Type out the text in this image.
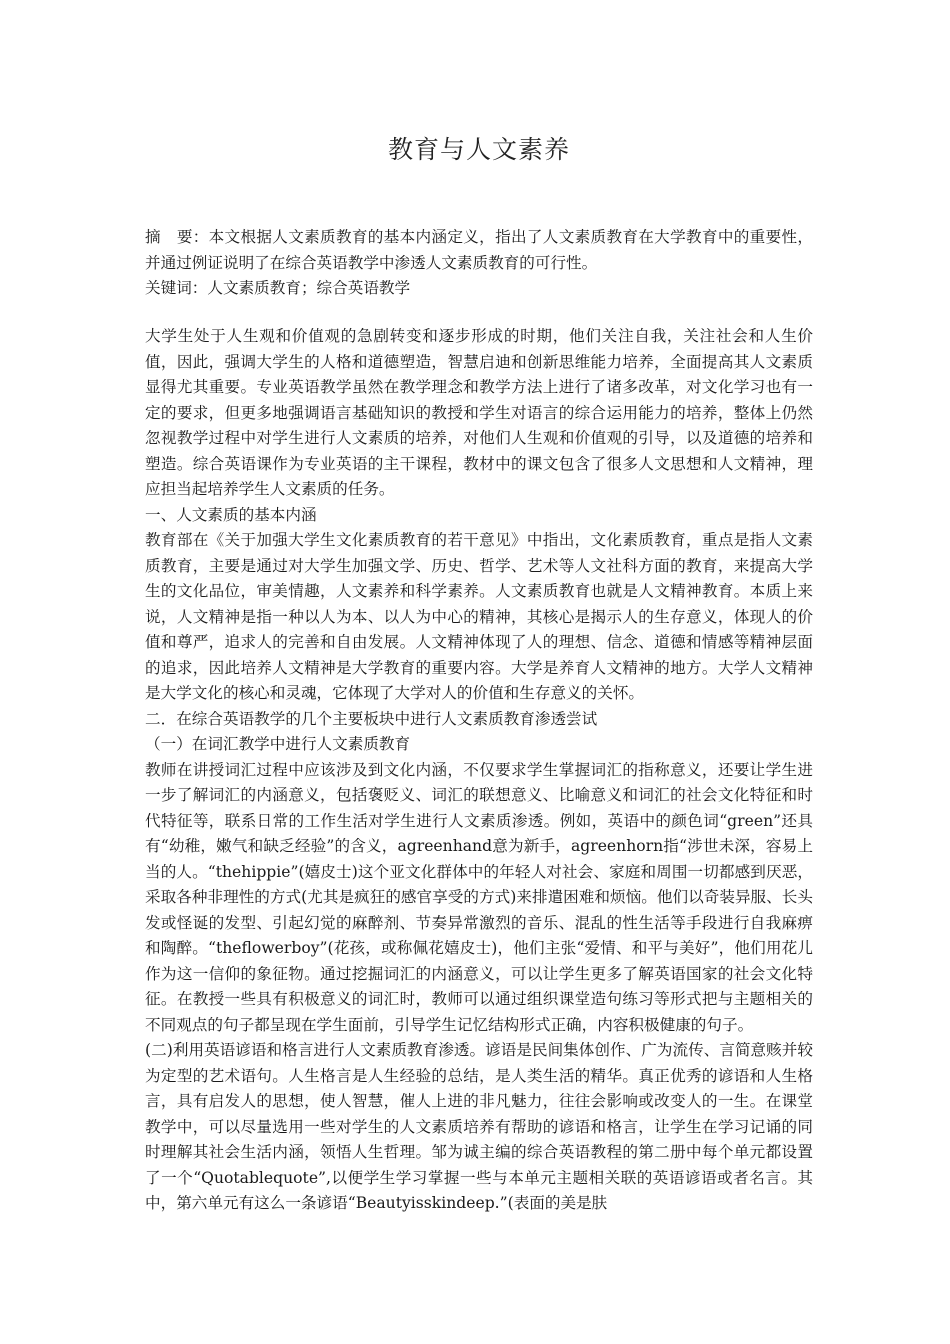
教育与人文素养

摘　要：本文根据人文素质教育的基本内涵定义，指出了人文素质教育在大学教育中的重要性，并通过例证说明了在综合英语教学中渗透人文素质教育的可行性。

关键词：人文素质教育；综合英语教学

大学生处于人生观和价值观的急剧转变和逐步形成的时期，他们关注自我，关注社会和人生价值，因此，强调大学生的人格和道德塑造，智慧启迪和创新思维能力培养，全面提高其人文素质显得尤其重要。专业英语教学虽然在教学理念和教学方法上进行了诸多改革，对文化学习也有一定的要求，但更多地强调语言基础知识的教授和学生对语言的综合运用能力的培养，整体上仍然忽视教学过程中对学生进行人文素质的培养，对他们人生观和价值观的引导，以及道德的培养和塑造。综合英语课作为专业英语的主干课程，教材中的课文包含了很多人文思想和人文精神，理应担当起培养学生人文素质的任务。

一、人文素质的基本内涵

教育部在《关于加强大学生文化素质教育的若干意见》中指出，文化素质教育，重点是指人文素质教育，主要是通过对大学生加强文学、历史、哲学、艺术等人文社科方面的教育，来提高大学生的文化品位，审美情趣，人文素养和科学素养。人文素质教育也就是人文精神教育。本质上来说，人文精神是指一种以人为本、以人为中心的精神，其核心是揭示人的生存意义，体现人的价值和尊严，追求人的完善和自由发展。人文精神体现了人的理想、信念、道德和情感等精神层面的追求，因此培养人文精神是大学教育的重要内容。大学是养育人文精神的地方。大学人文精神是大学文化的核心和灵魂，它体现了大学对人的价值和生存意义的关怀。

二．在综合英语教学的几个主要板块中进行人文素质教育渗透尝试

（一）在词汇教学中进行人文素质教育

教师在讲授词汇过程中应该涉及到文化内涵，不仅要求学生掌握词汇的指称意义，还要让学生进一步了解词汇的内涵意义，包括褒贬义、词汇的联想意义、比喻意义和词汇的社会文化特征和时代特征等，联系日常的工作生活对学生进行人文素质渗透。例如，英语中的颜色词“green”还具有“幼稚，嫩气和缺乏经验”的含义，agreenhand意为新手，agreenhorn指“涉世未深，容易上当的人。“thehippie”(嬉皮士)这个亚文化群体中的年轻人对社会、家庭和周围一切都感到厌恶，采取各种非理性的方式(尤其是疯狂的感官享受的方式)来排遣困难和烦恼。他们以奇装异服、长头发或怪诞的发型、引起幻觉的麻醉剂、节奏异常激烈的音乐、混乱的性生活等手段进行自我麻痹和陶醉。“theflowerboy”(花孩，或称佩花嬉皮士)，他们主张“爱情、和平与美好”，他们用花儿作为这一信仰的象征物。通过挖掘词汇的内涵意义，可以让学生更多了解英语国家的社会文化特征。在教授一些具有积极意义的词汇时，教师可以通过组织课堂造句练习等形式把与主题相关的不同观点的句子都呈现在学生面前，引导学生记忆结构形式正确，内容积极健康的句子。

(二)利用英语谚语和格言进行人文素质教育渗透。谚语是民间集体创作、广为流传、言简意赅并较为定型的艺术语句。人生格言是人生经验的总结，是人类生活的精华。真正优秀的谚语和人生格言，具有启发人的思想，使人智慧，催人上进的非凡魅力，往往会影响或改变人的一生。在课堂教学中，可以尽量选用一些对学生的人文素质培养有帮助的谚语和格言，让学生在学习记诵的同时理解其社会生活内涵，领悟人生哲理。邹为诚主编的综合英语教程的第二册中每个单元都设置了一个“Quotablequote”,以便学生学习掌握一些与本单元主题相关联的英语谚语或者名言。其中，第六单元有这么一条谚语“Beautyisskindeep.”(表面的美是肤
